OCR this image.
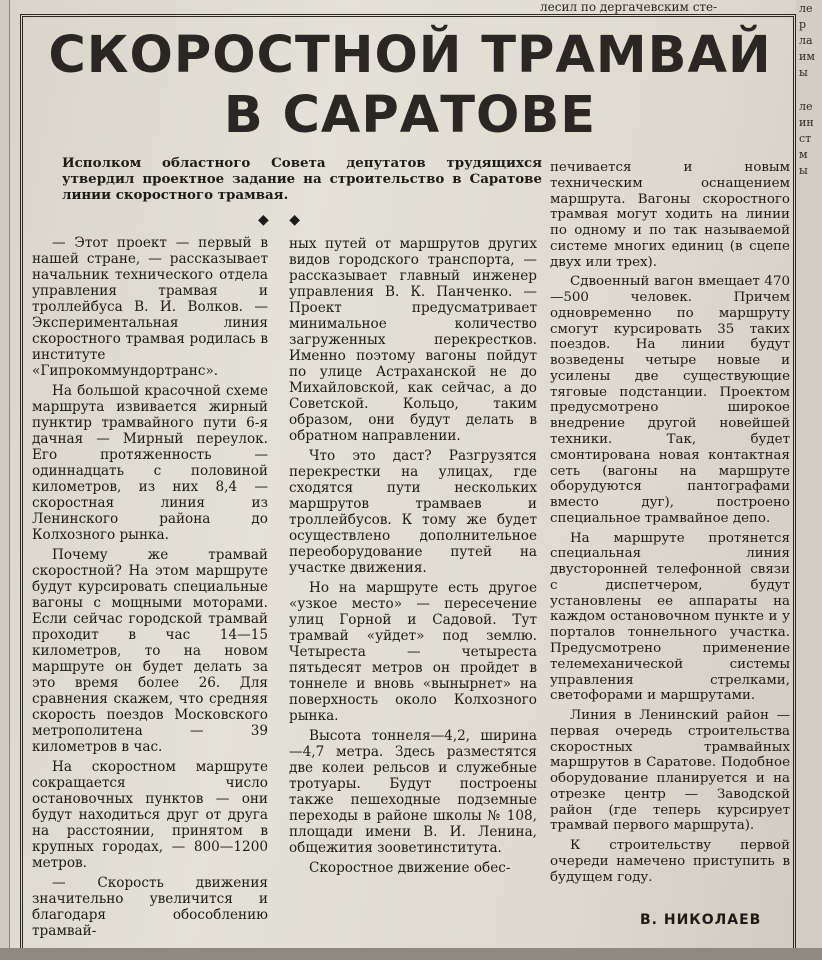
лесил по дергачевским сте-	ле
р
ла
им
ы
ле
ин
ст
м
ы
СКОРОСТНОЙ ТРАМВАЙ
В САРАТОВЕ
Исполком областного Совета депутатов трудящихся утвердил проектное задание на строительство в Саратове линии скоростного трамвая.
◆ ◆

— Этот проект — первый в нашей стране, — рассказывает начальник технического отдела управления трамвая и троллейбуса В. И. Волков. — Экспериментальная линия скоростного трамвая родилась в институте «Гипрокоммундортранс».

На большой красочной схеме маршрута извивается жирный пунктир трамвайного пути 6-я дачная — Мирный переулок. Его протяженность — одиннадцать с половиной километров, из них 8,4 — скоростная линия из Ленинского района до Колхозного рынка.

Почему же трамвай скоростной? На этом маршруте будут курсировать специальные вагоны с мощными моторами. Если сейчас городской трамвай проходит в час 14—15 километров, то на новом маршруте он будет делать за это время более 26. Для сравнения скажем, что средняя скорость поездов Московского метрополитена — 39 километров в час.

На скоростном маршруте сокращается число остановочных пунктов — они будут находиться друг от друга на расстоянии, принятом в крупных городах, — 800—1200 метров.

— Скорость движения значительно увеличится и благодаря обособлению трамвай-

ных путей от маршрутов других видов городского транспорта, — рассказывает главный инженер управления В. К. Панченко. — Проект предусматривает минимальное количество загруженных перекрестков. Именно поэтому вагоны пойдут по улице Астраханской не до Михайловской, как сейчас, а до Советской. Кольцо, таким образом, они будут делать в обратном направлении.

Что это даст? Разгрузятся перекрестки на улицах, где сходятся пути нескольких маршрутов трамваев и троллейбусов. К тому же будет осуществлено дополнительное переоборудование путей на участке движения.

Но на маршруте есть другое «узкое место» — пересечение улиц Горной и Садовой. Тут трамвай «уйдет» под землю. Четыреста — четыреста пятьдесят метров он пройдет в тоннеле и вновь «вынырнет» на поверхность около Колхозного рынка.

Высота тоннеля—4,2, ширина—4,7 метра. Здесь разместятся две колеи рельсов и служебные тротуары. Будут построены также пешеходные подземные переходы в районе школы № 108, площади имени В. И. Ленина, общежития зооветинститута.

Скоростное движение обес-

печивается и новым техническим оснащением маршрута. Вагоны скоростного трамвая могут ходить на линии по одному и по так называемой системе многих единиц (в сцепе двух или трех).

Сдвоенный вагон вмещает 470—500 человек. Причем одновременно по маршруту смогут курсировать 35 таких поездов. На линии будут возведены четыре новые и усилены две существующие тяговые подстанции. Проектом предусмотрено широкое внедрение другой новейшей техники. Так, будет смонтирована новая контактная сеть (вагоны на маршруте оборудуются пантографами вместо дуг), построено специальное трамвайное депо.

На маршруте протянется специальная линия двусторонней телефонной связи с диспетчером, будут установлены ее аппараты на каждом остановочном пункте и у порталов тоннельного участка. Предусмотрено применение телемеханической системы управления стрелками, светофорами и маршрутами.

Линия в Ленинский район — первая очередь строительства скоростных трамвайных маршрутов в Саратове. Подобное оборудование планируется и на отрезке центр — Заводской район (где теперь курсирует трамвай первого маршрута).

К строительству первой очереди намечено приступить в будущем году.

В. НИКОЛАЕВ
